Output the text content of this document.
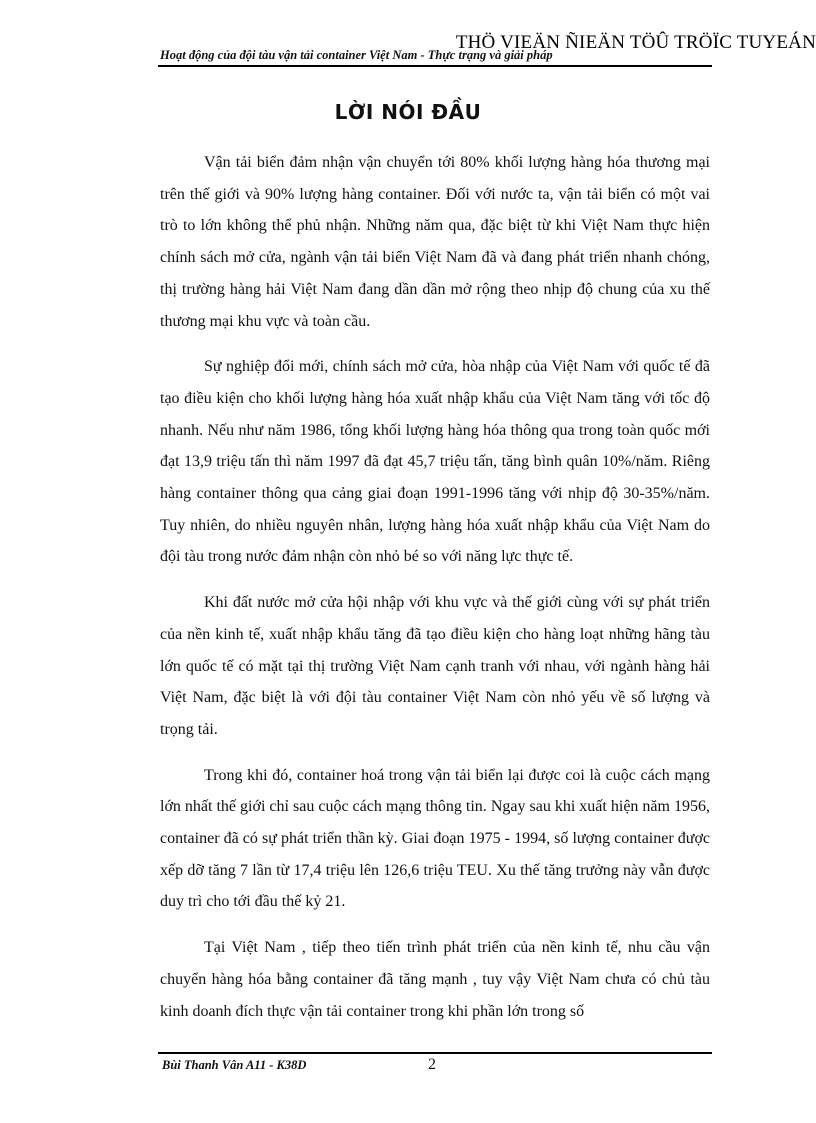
THÖ VIEÄN ÑIEÄN TÖÛ TRÖÏC TUYEÁN
Hoạt động của đội tàu vận tải container Việt Nam - Thực trạng và giải pháp
LỜI NÓI ĐẦU

Vận tải biển đảm nhận vận chuyển tới 80% khối lượng hàng hóa thương mại trên thế giới và 90% lượng hàng container. Đối với nước ta, vận tải biển có một vai trò to lớn không thể phủ nhận. Những năm qua, đặc biệt từ khi Việt Nam thực hiện chính sách mở cửa, ngành vận tải biển Việt Nam đã và đang phát triển nhanh chóng, thị trường hàng hải Việt Nam đang dần dần mở rộng theo nhịp độ chung của xu thế thương mại khu vực và toàn cầu.

Sự nghiệp đổi mới, chính sách mở cửa, hòa nhập của Việt Nam với quốc tế đã tạo điều kiện cho khối lượng hàng hóa xuất nhập khẩu của Việt Nam tăng với tốc độ nhanh. Nếu như năm 1986, tổng khối lượng hàng hóa thông qua trong toàn quốc mới đạt 13,9 triệu tấn thì năm 1997 đã đạt 45,7 triệu tấn, tăng bình quân 10%/năm. Riêng hàng container thông qua cảng giai đoạn 1991-1996 tăng với nhịp độ 30-35%/năm. Tuy nhiên, do nhiều nguyên nhân, lượng hàng hóa xuất nhập khẩu của Việt Nam do đội tàu trong nước đảm nhận còn nhỏ bé so với năng lực thực tế.

Khi đất nước mở cửa hội nhập với khu vực và thế giới cùng với sự phát triển của nền kinh tế, xuất nhập khẩu tăng đã tạo điều kiện cho hàng loạt những hãng tàu lớn quốc tế có mặt tại thị trường Việt Nam cạnh tranh với nhau, với ngành hàng hải Việt Nam, đặc biệt là với đội tàu container Việt Nam còn nhỏ yếu về số lượng và trọng tải.

Trong khi đó, container hoá trong vận tải biển lại được coi là cuộc cách mạng lớn nhất thế giới chỉ sau cuộc cách mạng thông tin. Ngay sau khi xuất hiện năm 1956, container đã có sự phát triển thần kỳ. Giai đoạn 1975 - 1994, số lượng container được xếp dỡ tăng 7 lần từ 17,4 triệu lên 126,6 triệu TEU. Xu thế tăng trưởng này vẫn được duy trì cho tới đầu thế kỷ 21.

Tại Việt Nam , tiếp theo tiến trình phát triển của nền kinh tế, nhu cầu vận chuyển hàng hóa bằng container đã tăng mạnh , tuy vậy Việt Nam chưa có chủ tàu kinh doanh đích thực vận tải container trong khi phần lớn trong số

Bùi Thanh Vân A11 - K38D	2
